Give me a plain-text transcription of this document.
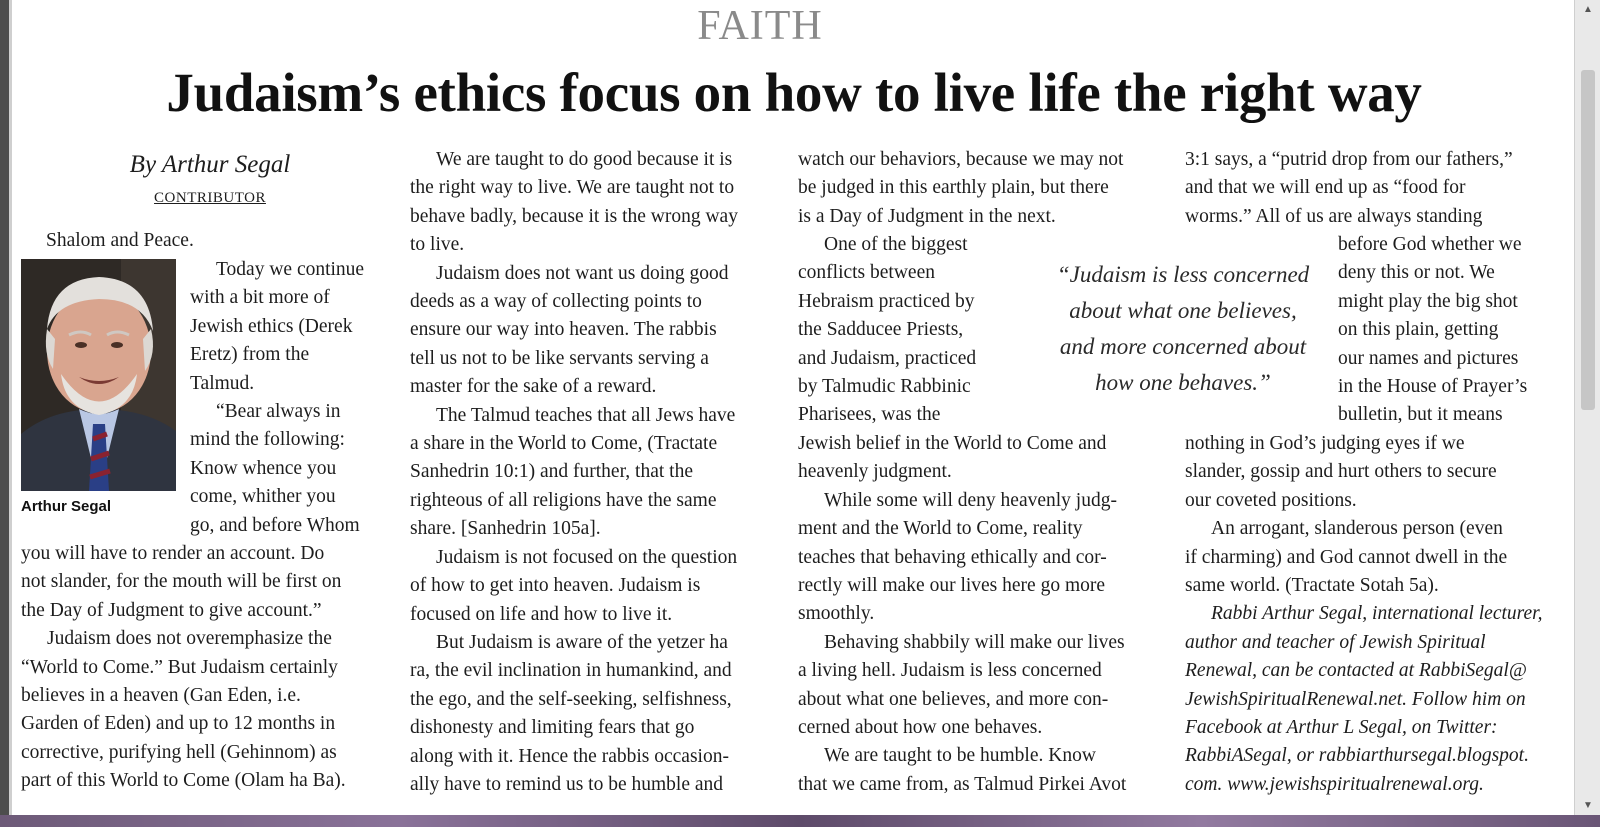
▲
▼
FAITH
Judaism’s ethics focus on how to live life the right way
By Arthur Segal
CONTRIBUTOR

Shalom and Peace.

Arthur Segal

Today we continue

with a bit more of

Jewish ethics (Derek

Eretz) from the

Talmud.

“Bear always in

mind the following:

Know whence you

come, whither you

go, and before Whom

you will have to render an account. Do

not slander, for the mouth will be first on

the Day of Judgment to give account.”

Judaism does not overemphasize the

“World to Come.” But Judaism certainly

believes in a heaven (Gan Eden, i.e.

Garden of Eden) and up to 12 months in

corrective, purifying hell (Gehinnom) as

part of this World to Come (Olam ha Ba).

We are taught to do good because it is

the right way to live. We are taught not to

behave badly, because it is the wrong way

to live.

Judaism does not want us doing good

deeds as a way of collecting points to

ensure our way into heaven. The rabbis

tell us not to be like servants serving a

master for the sake of a reward.

The Talmud teaches that all Jews have

a share in the World to Come, (Tractate

Sanhedrin 10:1) and further, that the

righteous of all religions have the same

share. [Sanhedrin 105a].

Judaism is not focused on the question

of how to get into heaven. Judaism is

focused on life and how to live it.

But Judaism is aware of the yetzer ha

ra, the evil inclination in humankind, and

the ego, and the self-seeking, selfishness,

dishonesty and limiting fears that go

along with it. Hence the rabbis occasion-

ally have to remind us to be humble and

watch our behaviors, because we may not

be judged in this earthly plain, but there

is a Day of Judgment in the next.

One of the biggest

conflicts between

Hebraism practiced by

the Sadducee Priests,

and Judaism, practiced

by Talmudic Rabbinic

Pharisees, was the

Jewish belief in the World to Come and

heavenly judgment.

While some will deny heavenly judg-

ment and the World to Come, reality

teaches that behaving ethically and cor-

rectly will make our lives here go more

smoothly.

Behaving shabbily will make our lives

a living hell. Judaism is less concerned

about what one believes, and more con-

cerned about how one behaves.

We are taught to be humble. Know

that we came from, as Talmud Pirkei Avot

“Judaism is less concerned
about what one believes,
and more concerned about
how one behaves.”

3:1 says, a “putrid drop from our fathers,”

and that we will end up as “food for

worms.” All of us are always standing

before God whether we

deny this or not. We

might play the big shot

on this plain, getting

our names and pictures

in the House of Prayer’s

bulletin, but it means

nothing in God’s judging eyes if we

slander, gossip and hurt others to secure

our coveted positions.

An arrogant, slanderous person (even

if charming) and God cannot dwell in the

same world. (Tractate Sotah 5a).

Rabbi Arthur Segal, international lecturer,

author and teacher of Jewish Spiritual

Renewal, can be contacted at RabbiSegal@

JewishSpiritualRenewal.net. Follow him on

Facebook at Arthur L Segal, on Twitter:

RabbiASegal, or rabbiarthursegal.blogspot.

com. www.jewishspiritualrenewal.org.
